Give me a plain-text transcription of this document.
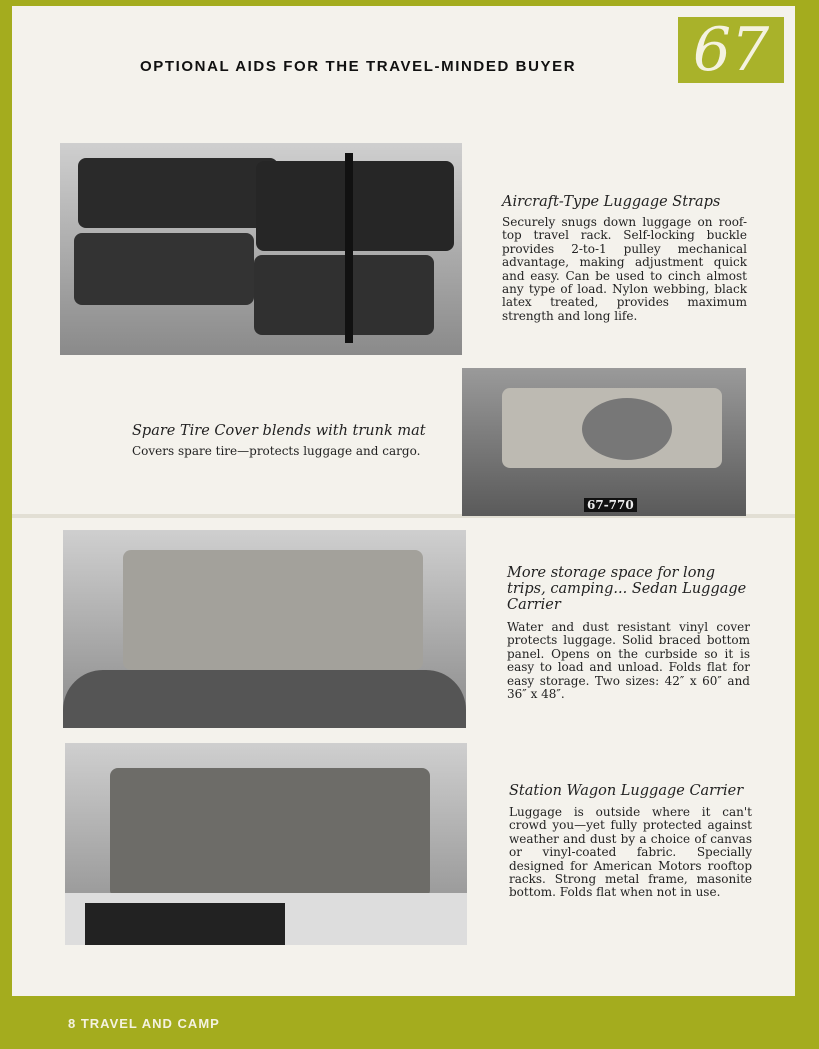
OPTIONAL AIDS FOR THE TRAVEL-MINDED BUYER 67
67-770
Aircraft-Type Luggage Straps
Securely snugs down luggage on roof-top travel rack. Self-locking buckle provides 2-to-1 pulley mechanical advantage, making adjustment quick and easy. Can be used to cinch almost any type of load. Nylon webbing, black latex treated, provides maximum strength and long life.
Spare Tire Cover blends with trunk mat
Covers spare tire—protects luggage and cargo.
More storage space for long trips, camping... Sedan Luggage Carrier
Water and dust resistant vinyl cover protects luggage. Solid braced bottom panel. Opens on the curbside so it is easy to load and unload. Folds flat for easy storage. Two sizes: 42″ x 60″ and 36″ x 48″.
Station Wagon Luggage Carrier
Luggage is outside where it can't crowd you—yet fully protected against weather and dust by a choice of canvas or vinyl-coated fabric. Specially designed for American Motors rooftop racks. Strong metal frame, masonite bottom. Folds flat when not in use.
8 TRAVEL AND CAMP
